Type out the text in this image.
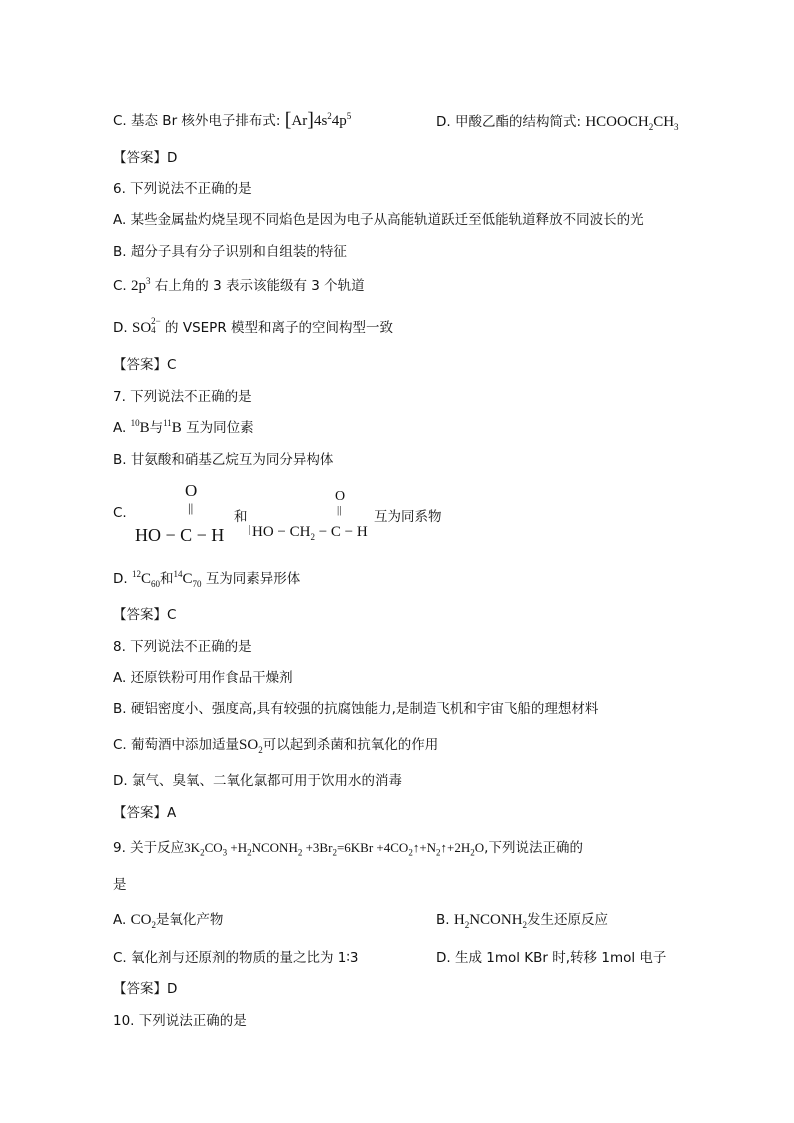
C. 基态 Br 核外电子排布式: $[Ar]4s^24p^5$	D. 甲酸乙酯的结构简式: $HCOOCH_2CH_3$
【答案】D
6. 下列说法不正确的是
A. 某些金属盐灼烧呈现不同焰色是因为电子从高能轨道跃迁至低能轨道释放不同波长的光
B. 超分子具有分子识别和自组装的特征
C. $2p^3$ 右上角的 3 表示该能级有 3 个轨道
D. SO 2−
4 的 VSEPR 模型和离子的空间构型一致
【答案】C
7. 下列说法不正确的是
A. $^{10}$B与$^{11}$B 互为同位素
B. 甘氨酸和硝基乙烷互为同分异构体
C.
O
||
HO − C − H
和
O
||
HO − $CH_2 - C - H$
互为同系物
D. $^{12}C_{60}$和$^{14}C_{70}$ 互为同素异形体
【答案】C
8. 下列说法不正确的是
A. 还原铁粉可用作食品干燥剂
B. 硬铝密度小、强度高,具有较强的抗腐蚀能力,是制造飞机和宇宙飞船的理想材料
C. 葡萄酒中添加适量$SO_2$可以起到杀菌和抗氧化的作用
D. 氯气、臭氧、二氧化氯都可用于饮用水的消毒
【答案】A
9. 关于反应$3K_2CO_3$ $+H_2NCONH_2 +3Br_2=6KBr$ $+4CO_2↑+N_2↑+2H_2O$,下列说法正确的
是
A. $CO_2$是氧化产物	B. $H_2NCONH_2$发生还原反应
C. 氧化剂与还原剂的物质的量之比为 1∶3	D. 生成 1mol KBr 时,转移 1mol 电子
【答案】D
10. 下列说法正确的是
